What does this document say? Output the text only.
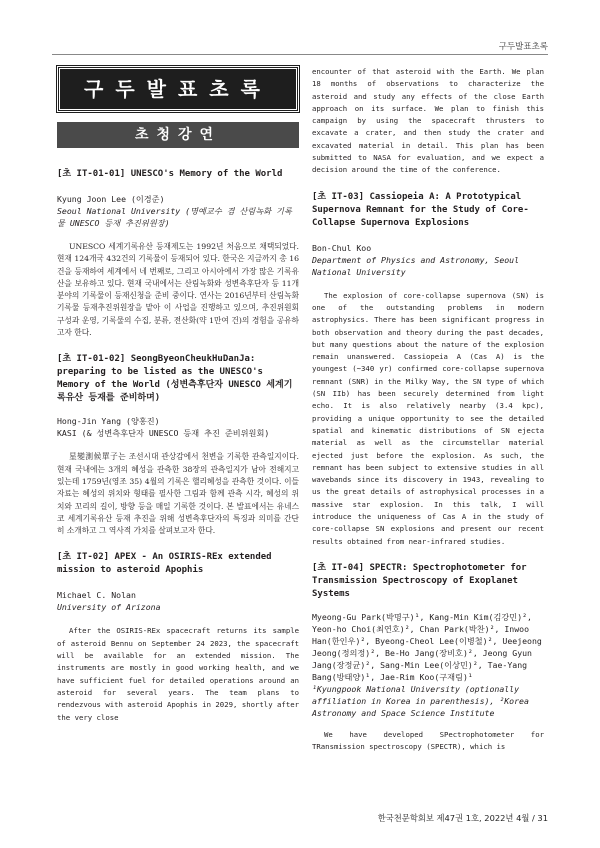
구두발표초록
구두발표초록
초청강연

[초 IT-01-01] UNESCO's Memory of the World

Kyung Joon Lee (이경준)

Seoul National University (명예교수 겸 산림녹화 기록물 UNESCO 등재 추진위원장)

UNESCO 세계기록유산 등재제도는 1992년 처음으로 채택되었다. 현재 124개국 432건의 기록물이 등재되어 있다. 한국은 지금까지 총 16건을 등재하여 세계에서 네 번째로, 그리고 아시아에서 가장 많은 기록유산을 보유하고 있다. 현재 국내에서는 산림녹화와 성변측후단자 등 11개 분야의 기록물이 등재신청을 준비 중이다. 연사는 2016년부터 산림녹화기록물 등재추진위원장을 맡아 이 사업을 진행하고 있으며, 추진위원회 구성과 운영, 기록물의 수집, 분류, 전산화(약 1만여 건)의 경험을 공유하고자 한다.

[초 IT-01-02] SeongByeonCheukHuDanJa: preparing to be listed as the UNESCO's Memory of the World (성변측후단자 UNESCO 세계기록유산 등재를 준비하며)

Hong-Jin Yang (양홍진)

KASI (& 성변측후단자 UNESCO 등재 추진 준비위원회)

星變測候單子는 조선시대 관상감에서 천변을 기록한 관측일지이다. 현재 국내에는 3개의 혜성을 관측한 38장의 관측일지가 남아 전해지고 있는데 1759년(영조 35) 4월의 기록은 핼리혜성을 관측한 것이다. 이들 자료는 혜성의 위치와 형태를 필사한 그림과 함께 관측 시각, 혜성의 위치와 꼬리의 길이, 방향 등을 매일 기록한 것이다. 본 발표에서는 유네스코 세계기록유산 등재 추진을 위해 성변측후단자의 특징과 의미를 간단히 소개하고 그 역사적 가치를 살펴보고자 한다.

[초 IT-02] APEX - An OSIRIS-REx extended mission to asteroid Apophis

Michael C. Nolan

University of Arizona

After the OSIRIS-REx spacecraft returns its sample of asteroid Bennu on September 24 2023, the spacecraft will be available for an extended mission. The instruments are mostly in good working health, and we have sufficient fuel for detailed operations around an asteroid for several years. The team plans to rendezvous with asteroid Apophis in 2029, shortly after the very close

encounter of that asteroid with the Earth. We plan 18 months of observations to characterize the asteroid and study any effects of the close Earth approach on its surface. We plan to finish this campaign by using the spacecraft thrusters to excavate a crater, and then study the crater and excavated material in detail. This plan has been submitted to NASA for evaluation, and we expect a decision around the time of the conference.

[초 IT-03] Cassiopeia A: A Prototypical Supernova Remnant for the Study of Core-Collapse Supernova Explosions

Bon-Chul Koo

Department of Physics and Astronomy, Seoul National University

The explosion of core-collapse supernova (SN) is one of the outstanding problems in modern astrophysics. There has been significant progress in both observation and theory during the past decades, but many questions about the nature of the explosion remain unanswered. Cassiopeia A (Cas A) is the youngest (~340 yr) confirmed core-collapse supernova remnant (SNR) in the Milky Way, the SN type of which (SN IIb) has been securely determined from light echo. It is also relatively nearby (3.4 kpc), providing a unique opportunity to see the detailed spatial and kinematic distributions of SN ejecta material as well as the circumstellar material ejected just before the explosion. As such, the remnant has been subject to extensive studies in all wavebands since its discovery in 1943, revealing to us the great details of astrophysical processes in a massive star explosion. In this talk, I will introduce the uniqueness of Cas A in the study of core-collapse SN explosions and present our recent results obtained from near-infrared studies.

[초 IT-04] SPECTR: Spectrophotometer for Transmission Spectroscopy of Exoplanet Systems

Myeong-Gu Park(박명구)¹, Kang-Min Kim(김강민)², Yeon-ho Choi(최연호)², Chan Park(박찬)², Inwoo Han(한인우)², Byeong-Cheol Lee(이병철)², Ueejeong Jeong(정의정)², Be-Ho Jang(장비호)², Jeong Gyun Jang(장정균)², Sang-Min Lee(이상민)², Tae-Yang Bang(방태양)¹, Jae-Rim Koo(구재림)¹

¹Kyungpook National University (optionally affiliation in Korea in parenthesis), ²Korea Astronomy and Space Science Institute

We have developed SPectrophotometer for TRansmission spectroscopy (SPECTR), which is

한국천문학회보 제47권 1호, 2022년 4월 / 31
